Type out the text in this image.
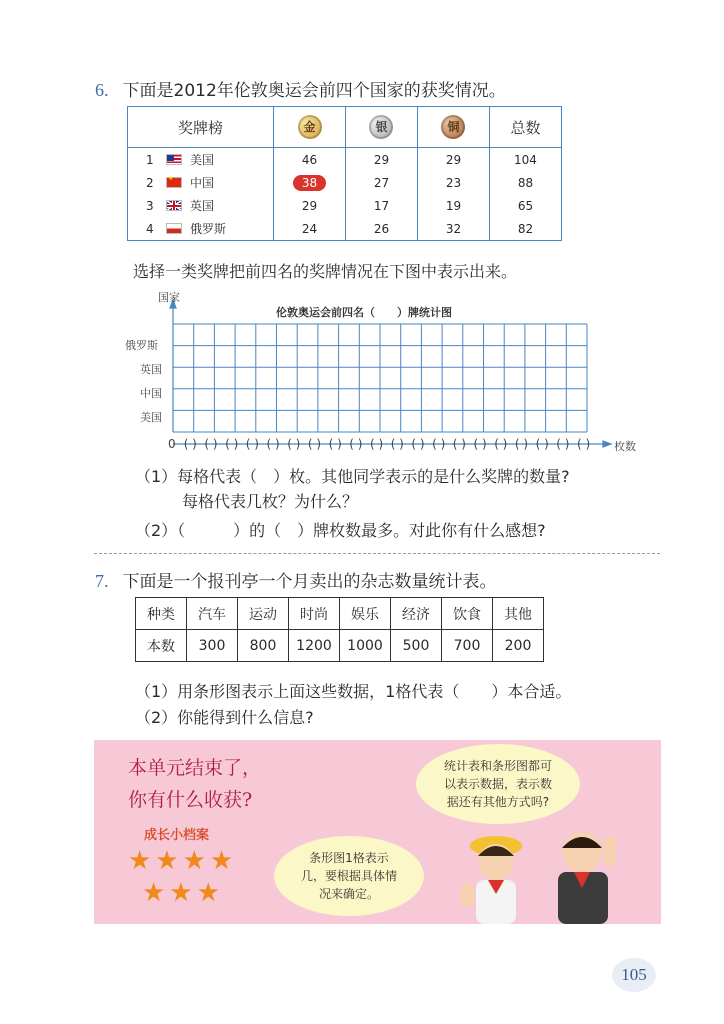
6. 下面是2012年伦敦奥运会前四个国家的获奖情况。
奖牌榜	金	银	铜	总数
1 美国	46	29	29	104
2 ★ 中国	38	27	23	88
3 英国	29	17	19	65
4 俄罗斯	24	26	32	82
选择一类奖牌把前四名的奖牌情况在下图中表示出来。
国家
伦敦奥运会前四名（　　）牌统计图
俄罗斯
英国
中国
美国
0 ( ) ( ) ( ) ( ) ( ) ( ) ( ) ( ) ( ) ( ) ( ) ( ) ( ) ( ) ( ) ( ) ( ) ( ) ( ) ( ) 枚数
（1）每格代表（　）枚。其他同学表示的是什么奖牌的数量?
每格代表几枚？为什么？
（2）（　　　）的（　）牌枚数最多。对此你有什么感想?
7. 下面是一个报刊亭一个月卖出的杂志数量统计表。
种类	汽车	运动	时尚	娱乐	经济	饮食	其他
本数	300	800	1200	1000	500	700	200
（1）用条形图表示上面这些数据，1格代表（　　）本合适。
（2）你能得到什么信息?
本单元结束了，
你有什么收获?
成长小档案
★★★★
★★★
统计表和条形图都可
以表示数据，表示数
据还有其他方式吗?
条形图1格表示
几，要根据具体情
况来确定。
105
